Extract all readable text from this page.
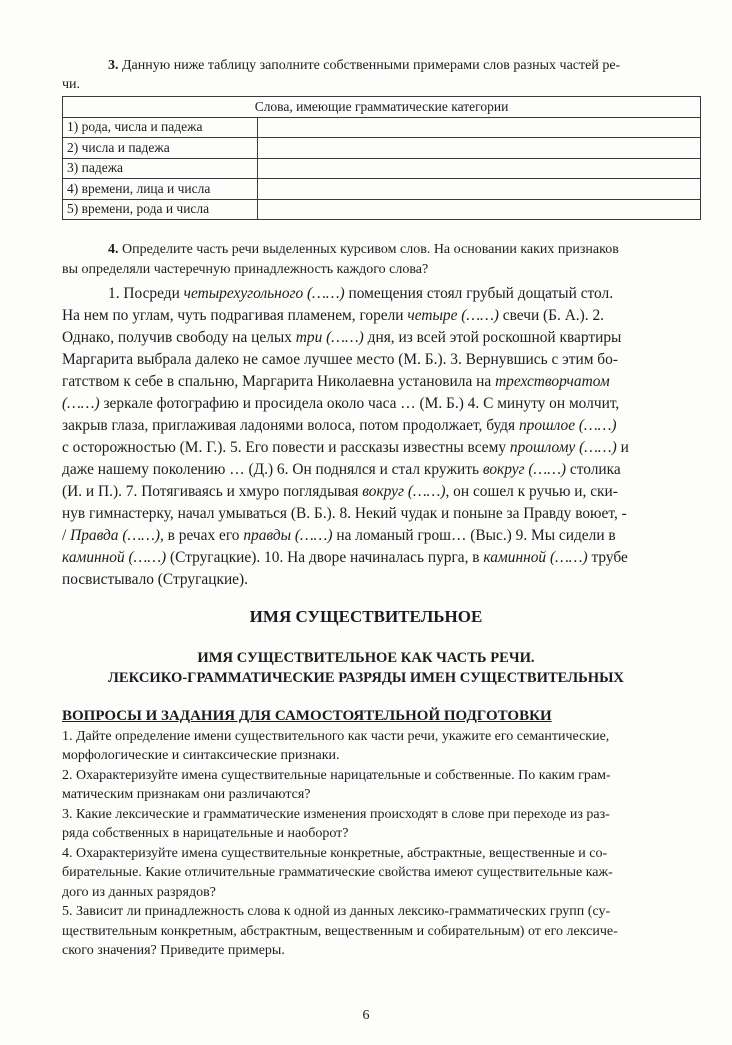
3. Данную ниже таблицу заполните собственными примерами слов разных частей ре-

чи.

Слова, имеющие грамматические категории	
1) рода, числа и падежа	
2) числа и падежа	
3) падежа	
4) времени, лица и числа	
5) времени, рода и числа	

4. Определите часть речи выделенных курсивом слов. На основании каких признаков

вы определяли частеречную принадлежность каждого слова?

1. Посреди четырехугольного (……) помещения стоял грубый дощатый стол.

На нем по углам, чуть подрагивая пламенем, горели четыре (……) свечи (Б. А.). 2.

Однако, получив свободу на целых три (……) дня, из всей этой роскошной квартиры

Маргарита выбрала далеко не самое лучшее место (М. Б.). 3. Вернувшись с этим бо-

гатством к себе в спальню, Маргарита Николаевна установила на трехстворчатом

(……) зеркале фотографию и просидела около часа … (М. Б.) 4. С минуту он молчит,

закрыв глаза, приглаживая ладонями волоса, потом продолжает, будя прошлое (……)

с осторожностью (М. Г.). 5. Его повести и рассказы известны всему прошлому (……) и

даже нашему поколению … (Д.) 6. Он поднялся и стал кружить вокруг (……) столика

(И. и П.). 7. Потягиваясь и хмуро поглядывая вокруг (……), он сошел к ручью и, ски-

нув гимнастерку, начал умываться (В. Б.). 8. Некий чудак и поныне за Правду воюет, -

/ Правда (……), в речах его правды (……) на ломаный грош… (Выс.) 9. Мы сидели в

каминной (……) (Стругацкие). 10. На дворе начиналась пурга, в каминной (……) трубе

посвистывало (Стругацкие).

ИМЯ СУЩЕСТВИТЕЛЬНОЕ

ИМЯ СУЩЕСТВИТЕЛЬНОЕ КАК ЧАСТЬ РЕЧИ.

ЛЕКСИКО-ГРАММАТИЧЕСКИЕ РАЗРЯДЫ ИМЕН СУЩЕСТВИТЕЛЬНЫХ

ВОПРОСЫ И ЗАДАНИЯ ДЛЯ САМОСТОЯТЕЛЬНОЙ ПОДГОТОВКИ

1. Дайте определение имени существительного как части речи, укажите его семантические,

морфологические и синтаксические признаки.

2. Охарактеризуйте имена существительные нарицательные и собственные. По каким грам-

матическим признакам они различаются?

3. Какие лексические и грамматические изменения происходят в слове при переходе из раз-

ряда собственных в нарицательные и наоборот?

4. Охарактеризуйте имена существительные конкретные, абстрактные, вещественные и со-

бирательные. Какие отличительные грамматические свойства имеют существительные каж-

дого из данных разрядов?

5. Зависит ли принадлежность слова к одной из данных лексико-грамматических групп (су-

ществительным конкретным, абстрактным, вещественным и собирательным) от его лексиче-

ского значения? Приведите примеры.

6
